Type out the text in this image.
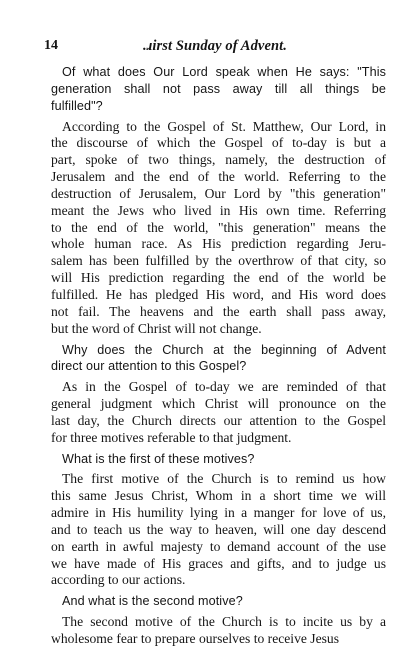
14	.ɹirst Sunday of Advent.
Of what does Our Lord speak when He says: "This
generation shall not pass away till all things be
fulfilled"?
According to the Gospel of St. Matthew, Our Lord, in
the discourse of which the Gospel of to-day is but a
part, spoke of two things, namely, the destruction of
Jerusalem and the end of the world. Referring to the
destruction of Jerusalem, Our Lord by "this generation"
meant the Jews who lived in His own time. Referring
to the end of the world, "this generation" means the
whole human race. As His prediction regarding Jeru-
salem has been fulfilled by the overthrow of that city, so
will His prediction regarding the end of the world be
fulfilled. He has pledged His word, and His word does
not fail. The heavens and the earth shall pass away,
but the word of Christ will not change.
Why does the Church at the beginning of Advent
direct our attention to this Gospel?
As in the Gospel of to-day we are reminded of that
general judgment which Christ will pronounce on the
last day, the Church directs our attention to the Gospel
for three motives referable to that judgment.
What is the first of these motives?
The first motive of the Church is to remind us how
this same Jesus Christ, Whom in a short time we will
admire in His humility lying in a manger for love of us,
and to teach us the way to heaven, will one day descend
on earth in awful majesty to demand account of the use
we have made of His graces and gifts, and to judge us
according to our actions.
And what is the second motive?
The second motive of the Church is to incite us by a
wholesome fear to prepare ourselves to receive Jesus
